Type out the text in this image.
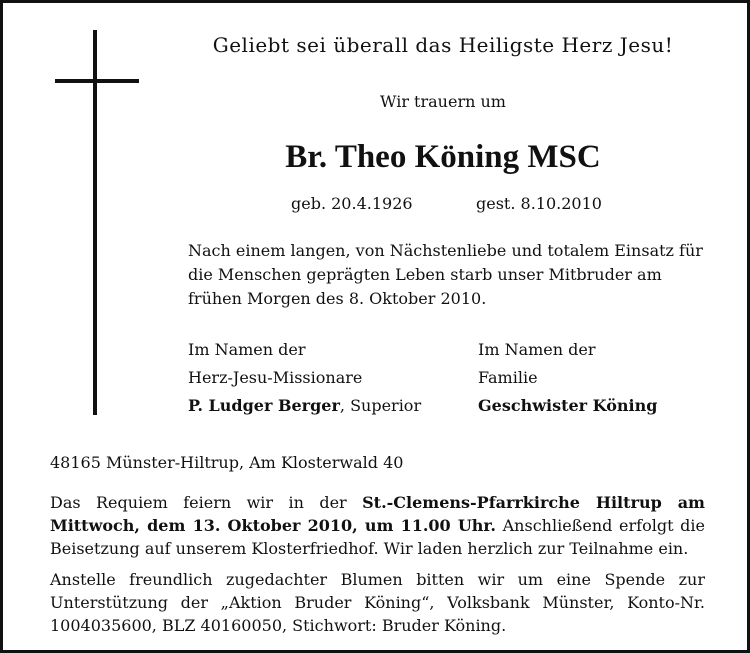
Geliebt sei überall das Heiligste Herz Jesu!
Wir trauern um
Br. Theo Köning MSC
geb. 20.4.1926	gest. 8.10.2010
Nach einem langen, von Nächstenliebe und totalem Einsatz für die Menschen geprägten Leben starb unser Mitbruder am frühen Morgen des 8. Oktober 2010.
Im Namen der
Herz-Jesu-Missionare
P. Ludger Berger, Superior
Im Namen der
Familie
Geschwister Köning
48165 Münster-Hiltrup, Am Klosterwald 40
Das Requiem feiern wir in der St.-Clemens-Pfarrkirche Hiltrup am Mittwoch, dem 13. Oktober 2010, um 11.00 Uhr. Anschließend erfolgt die Beisetzung auf unserem Klosterfriedhof. Wir laden herzlich zur Teilnahme ein.
Anstelle freundlich zugedachter Blumen bitten wir um eine Spende zur Unterstützung der „Aktion Bruder Köning“, Volksbank Münster, Konto-Nr. 1004035600, BLZ 40160050, Stichwort: Bruder Köning.
